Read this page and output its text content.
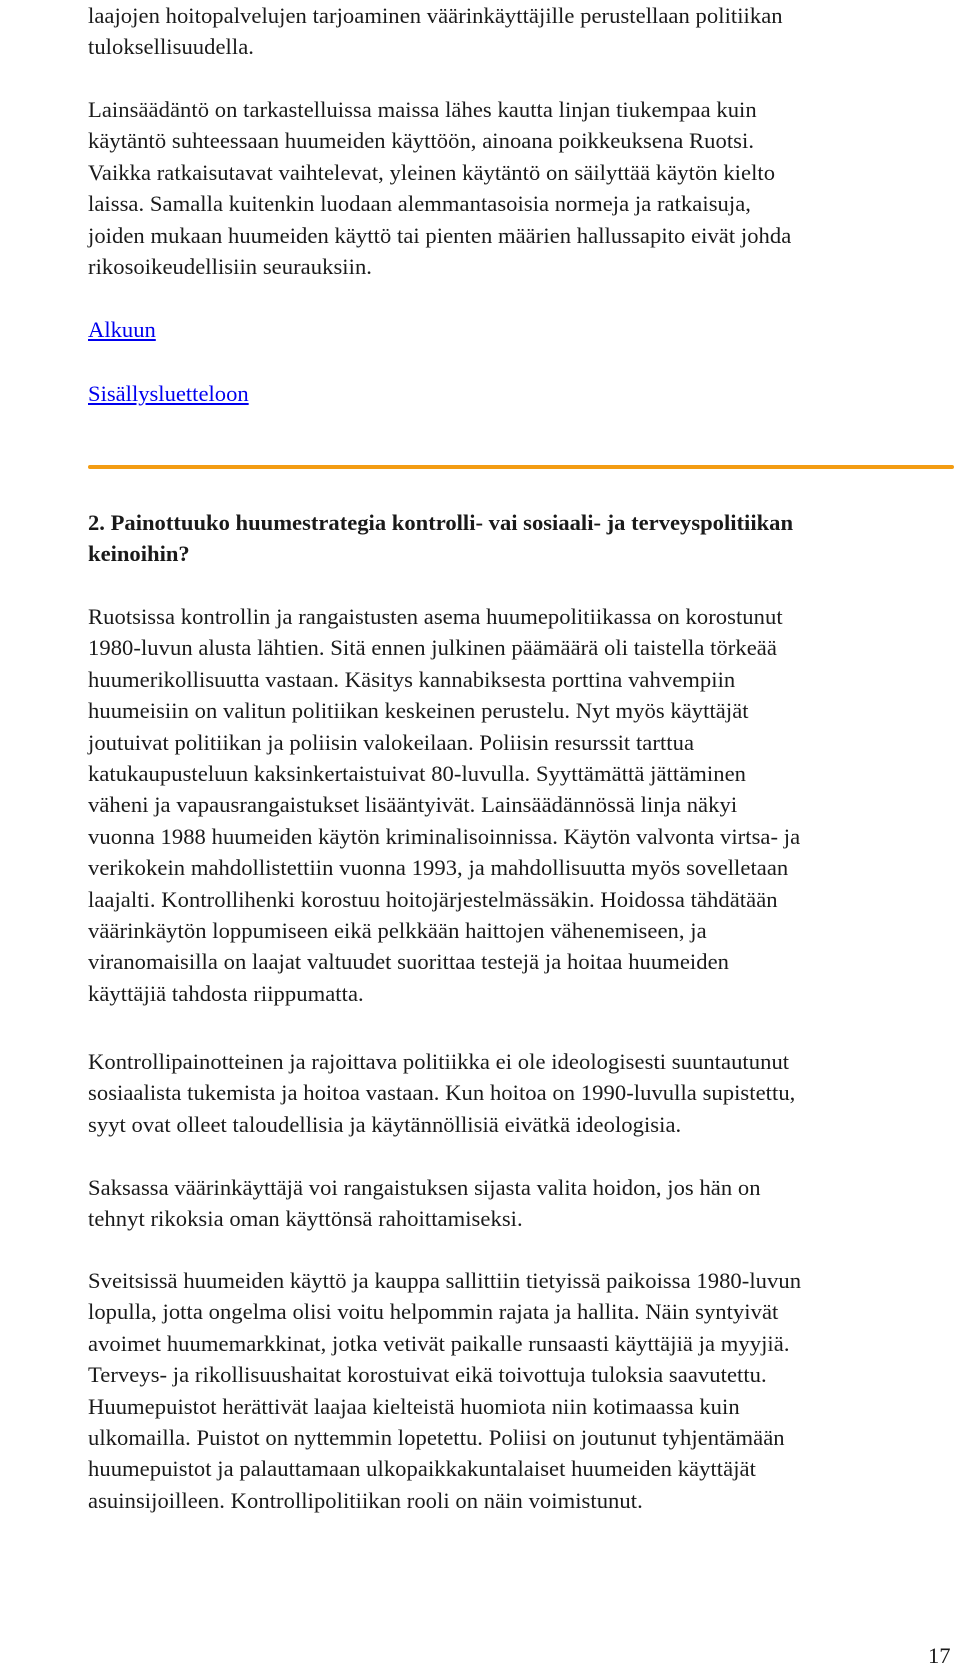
laajojen hoitopalvelujen tarjoaminen väärinkäyttäjille perustellaan politiikan
tuloksellisuudella.

Lainsäädäntö on tarkastelluissa maissa lähes kautta linjan tiukempaa kuin
käytäntö suhteessaan huumeiden käyttöön, ainoana poikkeuksena Ruotsi.
Vaikka ratkaisutavat vaihtelevat, yleinen käytäntö on säilyttää käytön kielto
laissa. Samalla kuitenkin luodaan alemmantasoisia normeja ja ratkaisuja,
joiden mukaan huumeiden käyttö tai pienten määrien hallussapito eivät johda
rikosoikeudellisiin seurauksiin.

Alkuun
Sisällysluetteloon
2. Painottuuko huumestrategia kontrolli- vai sosiaali- ja terveyspolitiikan
keinoihin?

Ruotsissa kontrollin ja rangaistusten asema huumepolitiikassa on korostunut
1980-luvun alusta lähtien. Sitä ennen julkinen päämäärä oli taistella törkeää
huumerikollisuutta vastaan. Käsitys kannabiksesta porttina vahvempiin
huumeisiin on valitun politiikan keskeinen perustelu. Nyt myös käyttäjät
joutuivat politiikan ja poliisin valokeilaan. Poliisin resurssit tarttua
katukaupusteluun kaksinkertaistuivat 80-luvulla. Syyttämättä jättäminen
väheni ja vapausrangaistukset lisääntyivät. Lainsäädännössä linja näkyi
vuonna 1988 huumeiden käytön kriminalisoinnissa. Käytön valvonta virtsa- ja
verikokein mahdollistettiin vuonna 1993, ja mahdollisuutta myös sovelletaan
laajalti. Kontrollihenki korostuu hoitojärjestelmässäkin. Hoidossa tähdätään
väärinkäytön loppumiseen eikä pelkkään haittojen vähenemiseen, ja
viranomaisilla on laajat valtuudet suorittaa testejä ja hoitaa huumeiden
käyttäjiä tahdosta riippumatta.

Kontrollipainotteinen ja rajoittava politiikka ei ole ideologisesti suuntautunut
sosiaalista tukemista ja hoitoa vastaan. Kun hoitoa on 1990-luvulla supistettu,
syyt ovat olleet taloudellisia ja käytännöllisiä eivätkä ideologisia.

Saksassa väärinkäyttäjä voi rangaistuksen sijasta valita hoidon, jos hän on
tehnyt rikoksia oman käyttönsä rahoittamiseksi.

Sveitsissä huumeiden käyttö ja kauppa sallittiin tietyissä paikoissa 1980-luvun
lopulla, jotta ongelma olisi voitu helpommin rajata ja hallita. Näin syntyivät
avoimet huumemarkkinat, jotka vetivät paikalle runsaasti käyttäjiä ja myyjiä.
Terveys- ja rikollisuushaitat korostuivat eikä toivottuja tuloksia saavutettu.
Huumepuistot herättivät laajaa kielteistä huomiota niin kotimaassa kuin
ulkomailla. Puistot on nyttemmin lopetettu. Poliisi on joutunut tyhjentämään
huumepuistot ja palauttamaan ulkopaikkakuntalaiset huumeiden käyttäjät
asuinsijoilleen. Kontrollipolitiikan rooli on näin voimistunut.

17
